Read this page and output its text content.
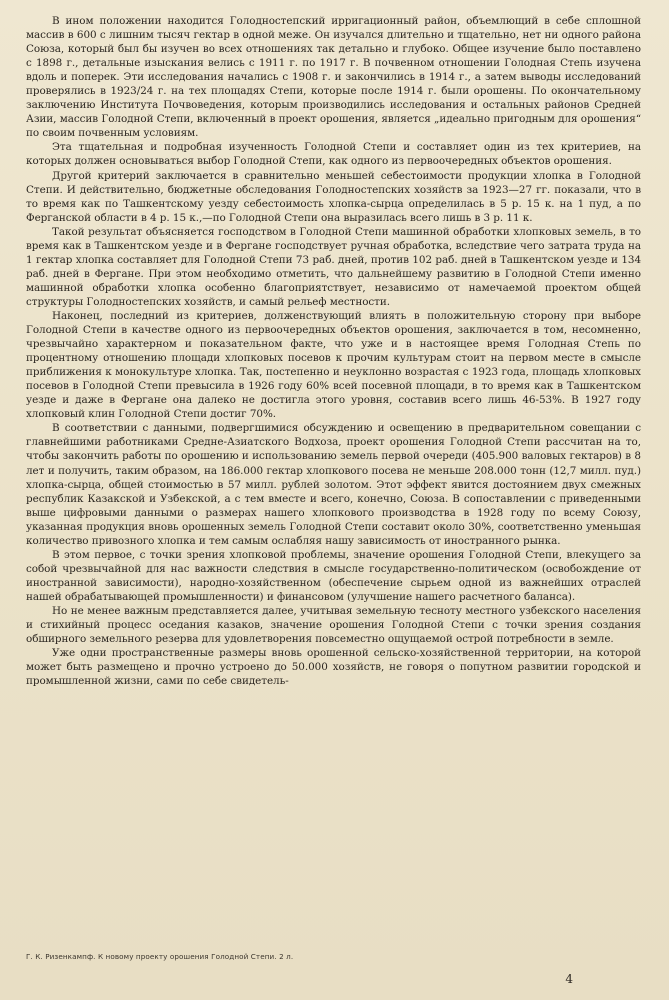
В ином положении находится Голодностепский ирригационный район, объемлющий в себе сплошной массив в 600 с лишним тысяч гектар в одной меже. Он изучался длительно и тщательно, нет ни одного района Союза, который был бы изучен во всех отношениях так детально и глубоко. Общее изучение было поставлено с 1898 г., детальные изыскания велись с 1911 г. по 1917 г. В почвенном отношении Голодная Степь изучена вдоль и поперек. Эти исследования начались с 1908 г. и закончились в 1914 г., а затем выводы исследований проверялись в 1923/24 г. на тех площадях Степи, которые после 1914 г. были орошены. По окончательному заключению Института Почвоведения, которым производились исследования и остальных районов Средней Азии, массив Голодной Степи, включенный в проект орошения, является „идеально пригодным для орошения“ по своим почвенным условиям.

Эта тщательная и подробная изученность Голодной Степи и составляет один из тех критериев, на которых должен основываться выбор Голодной Степи, как одного из первоочередных объектов орошения.

Другой критерий заключается в сравнительно меньшей себестоимости продукции хлопка в Голодной Степи. И действительно, бюджетные обследования Голодностепских хозяйств за 1923—27 гг. показали, что в то время как по Ташкентскому уезду себестоимость хлопка-сырца определилась в 5 р. 15 к. на 1 пуд, а по Ферганской области в 4 р. 15 к.,—по Голодной Степи она выразилась всего лишь в 3 р. 11 к.

Такой результат объясняется господством в Голодной Степи машинной обработки хлопковых земель, в то время как в Ташкентском уезде и в Фергане господствует ручная обработка, вследствие чего затрата труда на 1 гектар хлопка составляет для Голодной Степи 73 раб. дней, против 102 раб. дней в Ташкентском уезде и 134 раб. дней в Фергане. При этом необходимо отметить, что дальнейшему развитию в Голодной Степи именно машинной обработки хлопка особенно благоприятствует, независимо от намечаемой проектом общей структуры Голодностепских хозяйств, и самый рельеф местности.

Наконец, последний из критериев, долженствующий влиять в положительную сторону при выборе Голодной Степи в качестве одного из первоочередных объектов орошения, заключается в том, несомненно, чрезвычайно характерном и показательном факте, что уже и в настоящее время Голодная Степь по процентному отношению площади хлопковых посевов к прочим культурам стоит на первом месте в смысле приближения к монокультуре хлопка. Так, постепенно и неуклонно возрастая с 1923 года, площадь хлопковых посевов в Голодной Степи превысила в 1926 году 60% всей посевной площади, в то время как в Ташкентском уезде и даже в Фергане она далеко не достигла этого уровня, составив всего лишь 46-53%. В 1927 году хлопковый клин Голодной Степи достиг 70%.

В соответствии с данными, подвергшимися обсуждению и освещению в предварительном совещании с главнейшими работниками Средне-Азиатского Водхоза, проект орошения Голодной Степи рассчитан на то, чтобы закончить работы по орошению и использованию земель первой очереди (405.900 валовых гектаров) в 8 лет и получить, таким образом, на 186.000 гектар хлопкового посева не меньше 208.000 тонн (12,7 милл. пуд.) хлопка-сырца, общей стоимостью в 57 милл. рублей золотом. Этот эффект явится достоянием двух смежных республик Казакской и Узбекской, а с тем вместе и всего, конечно, Союза. В сопоставлении с приведенными выше цифровыми данными о размерах нашего хлопкового производства в 1928 году по всему Союзу, указанная продукция вновь орошенных земель Голодной Степи составит около 30%, соответственно уменьшая количество привозного хлопка и тем самым ослабляя нашу зависимость от иностранного рынка.

В этом первое, с точки зрения хлопковой проблемы, значение орошения Голодной Степи, влекущего за собой чрезвычайной для нас важности следствия в смысле государственно-политическом (освобождение от иностранной зависимости), народно-хозяйственном (обеспечение сырьем одной из важнейших отраслей нашей обрабатывающей промышленности) и финансовом (улучшение нашего расчетного баланса).

Но не менее важным представляется далее, учитывая земельную тесноту местного узбекского населения и стихийный процесс оседания казаков, значение орошения Голодной Степи с точки зрения создания обширного земельного резерва для удовлетворения повсеместно ощущаемой острой потребности в земле.

Уже одни пространственные размеры вновь орошенной сельско-хозяйственной территории, на которой может быть размещено и прочно устроено до 50.000 хозяйств, не говоря о попутном развитии городской и промышленной жизни, сами по себе свидетель-

Г. К. Ризенкампф. К новому проекту орошения Голодной Степи. 2 л.
4
